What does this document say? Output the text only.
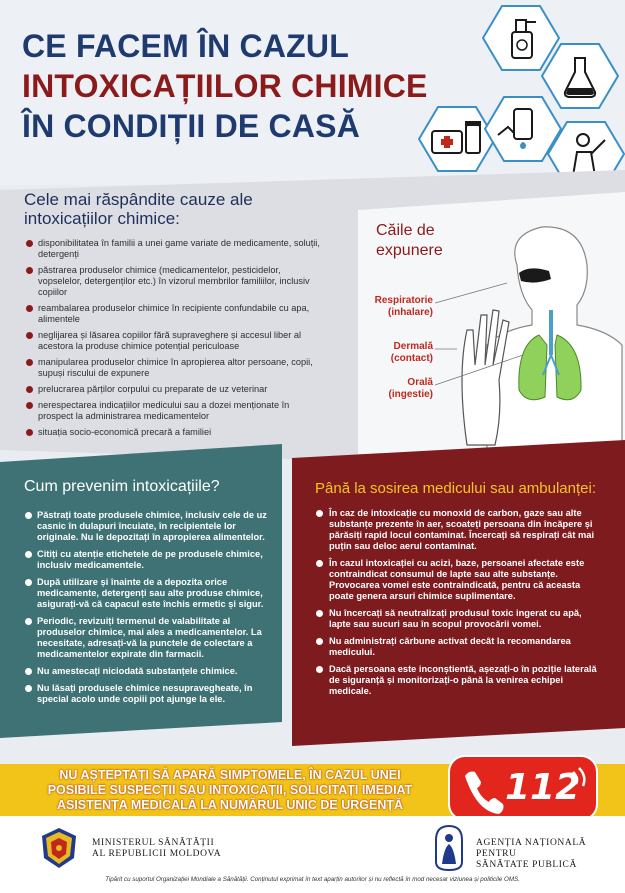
CE FACEM ÎN CAZUL
INTOXICAȚIILOR CHIMICE
ÎN CONDIȚII DE CASĂ
Cele mai răspândite cauze ale intoxicațiilor chimice:
disponibilitatea în familii a unei game variate de medicamente, soluții, detergenți
păstrarea produselor chimice (medicamentelor, pesticidelor, vopselelor, detergenților etc.) în vizorul membrilor familiilor, inclusiv copiilor
reambalarea produselor chimice în recipiente confundabile cu apa, alimentele
neglijarea și lăsarea copiilor fără supraveghere și accesul liber al acestora la produse chimice potențial periculoase
manipularea produselor chimice în apropierea altor persoane, copii, supuși riscului de expunere
prelucrarea părților corpului cu preparate de uz veterinar
nerespectarea indicațiilor medicului sau a dozei menționate în prospect la administrarea medicamentelor
situația socio-economică precară a familiei
Căile de expunere
Respiratorie
(inhalare)
Dermală
(contact)
Orală
(ingestie)
Cum prevenim intoxicațiile?
Păstrați toate produsele chimice, inclusiv cele de uz casnic în dulapuri încuiate, în recipientele lor originale. Nu le depozitați în apropierea alimentelor.
Citiți cu atenție etichetele de pe produsele chimice, inclusiv medicamentele.
După utilizare și înainte de a depozita orice medicamente, detergenți sau alte produse chimice, asigurați-vă că capacul este închis ermetic și sigur.
Periodic, revizuiți termenul de valabilitate al produselor chimice, mai ales a medicamentelor. La necesitate, adresați-vă la punctele de colectare a medicamentelor expirate din farmacii.
Nu amestecați niciodată substanțele chimice.
Nu lăsați produsele chimice nesupravegheate, în special acolo unde copiii pot ajunge la ele.
Până la sosirea medicului sau ambulanței:
În caz de intoxicație cu monoxid de carbon, gaze sau alte substanțe prezente în aer, scoateți persoana din încăpere și părăsiți rapid locul contaminat. Încercați să respirați cât mai puțin sau deloc aerul contaminat.
În cazul intoxicației cu acizi, baze, persoanei afectate este contraindicat consumul de lapte sau alte substanțe. Provocarea vomei este contraindicată, pentru că aceasta poate genera arsuri chimice suplimentare.
Nu încercați să neutralizați produsul toxic ingerat cu apă, lapte sau sucuri sau în scopul provocării vomei.
Nu administrați cărbune activat decât la recomandarea medicului.
Dacă persoana este inconștientă, așezați-o în poziție laterală de siguranță și monitorizați-o până la venirea echipei medicale.
NU AȘTEPTAȚI SĂ APARĂ SIMPTOMELE, ÎN CAZUL UNEI POSIBILE SUSPECȚII SAU INTOXICAȚII, SOLICITAȚI IMEDIAT ASISTENȚA MEDICALĂ LA NUMĂRUL UNIC DE URGENȚĂ	112
MINISTERUL SĂNĂTĂȚII
AL REPUBLICII MOLDOVA
AGENȚIA NAȚIONALĂ PENTRU
SĂNĂTATE PUBLICĂ
Tipărit cu suportul Organizației Mondiale a Sănătății. Conținutul exprimat în text aparțin autorilor și nu reflectă în mod necesar viziunea și politicile OMS.
